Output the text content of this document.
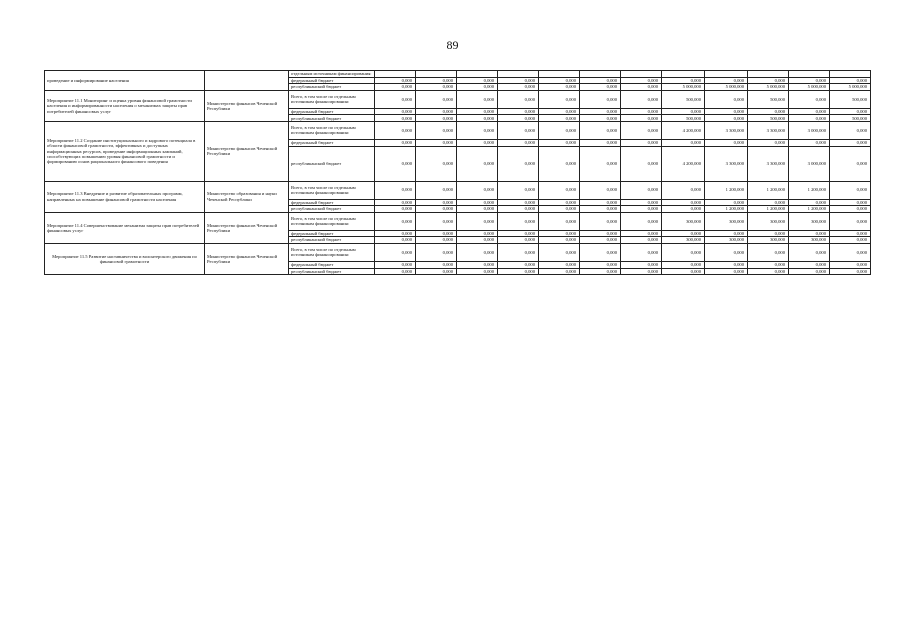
89
проведение и информирование населения		отдельным источникам финансирования:												
		федеральный бюджет	0,000	0,000	0,000	0,000	0,000	0,000	0,000	0,000	0,000	0,000	0,000	0,000
		республиканский бюджет	0,000	0,000	0,000	0,000	0,000	0,000	0,000	5 000,000	5 000,000	5 000,000	5 000,000	5 000,000
Мероприятие 11.1 Мониторинг и оценка уровня финансовой грамотности населения и информированности населения о механизмах защиты прав потребителей финансовых услуг	Министерство финансов Чеченской Республики	Всего, в том числе по отдельным источникам финансирования:	0,000	0,000	0,000	0,000	0,000	0,000	0,000	500,000	0,000	500,000	0,000	500,000
		федеральный бюджет	0,000	0,000	0,000	0,000	0,000	0,000	0,000	0,000	0,000	0,000	0,000	0,000
		республиканский бюджет	0,000	0,000	0,000	0,000	0,000	0,000	0,000	500,000	0,000	500,000	0,000	500,000
Мероприятие 11.2 Создание институционального и кадрового потенциала в области финансовой грамотности, эффективных и доступных информационных ресурсов, проведение информационных кампаний, способствующих повышению уровня финансовой грамотности и формированию основ рационального финансового поведения	Министерство финансов Чеченской Республики	Всего, в том числе по отдельным источникам финансирования:	0,000	0,000	0,000	0,000	0,000	0,000	0,000	4 200,000	3 300,000	3 300,000	3 000,000	0,000
		федеральный бюджет	0,000	0,000	0,000	0,000	0,000	0,000	0,000	0,000	0,000	0,000	0,000	0,000
		республиканский бюджет	0,000	0,000	0,000	0,000	0,000	0,000	0,000	4 200,000	3 300,000	3 300,000	3 000,000	0,000
Мероприятие 11.3 Внедрение и развитие образовательных программ, направленных на повышение финансовой грамотности населения	Министерство образования и науки Чеченской Республики	Всего, в том числе по отдельным источникам финансирования:	0,000	0,000	0,000	0,000	0,000	0,000	0,000	0,000	1 200,000	1 200,000	1 200,000	0,000
		федеральный бюджет	0,000	0,000	0,000	0,000	0,000	0,000	0,000	0,000	0,000	0,000	0,000	0,000
		республиканский бюджет	0,000	0,000	0,000	0,000	0,000	0,000	0,000	0,000	1 200,000	1 200,000	1 200,000	0,000
Мероприятие 11.4 Совершенствование механизма защиты прав потребителей финансовых услуг	Министерство финансов Чеченской Республики	Всего, в том числе по отдельным источникам финансирования:	0,000	0,000	0,000	0,000	0,000	0,000	0,000	300,000	300,000	300,000	300,000	0,000
		федеральный бюджет	0,000	0,000	0,000	0,000	0,000	0,000	0,000	0,000	0,000	0,000	0,000	0,000
		республиканский бюджет	0,000	0,000	0,000	0,000	0,000	0,000	0,000	300,000	300,000	300,000	300,000	0,000
Мероприятие 11.5 Развитие наставничества и волонтерского движения по финансовой грамотности	Министерство финансов Чеченской Республики	Всего, в том числе по отдельным источникам финансирования:	0,000	0,000	0,000	0,000	0,000	0,000	0,000	0,000	0,000	0,000	0,000	0,000
		федеральный бюджет	0,000	0,000	0,000	0,000	0,000	0,000	0,000	0,000	0,000	0,000	0,000	0,000
		республиканский бюджет	0,000	0,000	0,000	0,000	0,000	0,000	0,000	0,000	0,000	0,000	0,000	0,000
